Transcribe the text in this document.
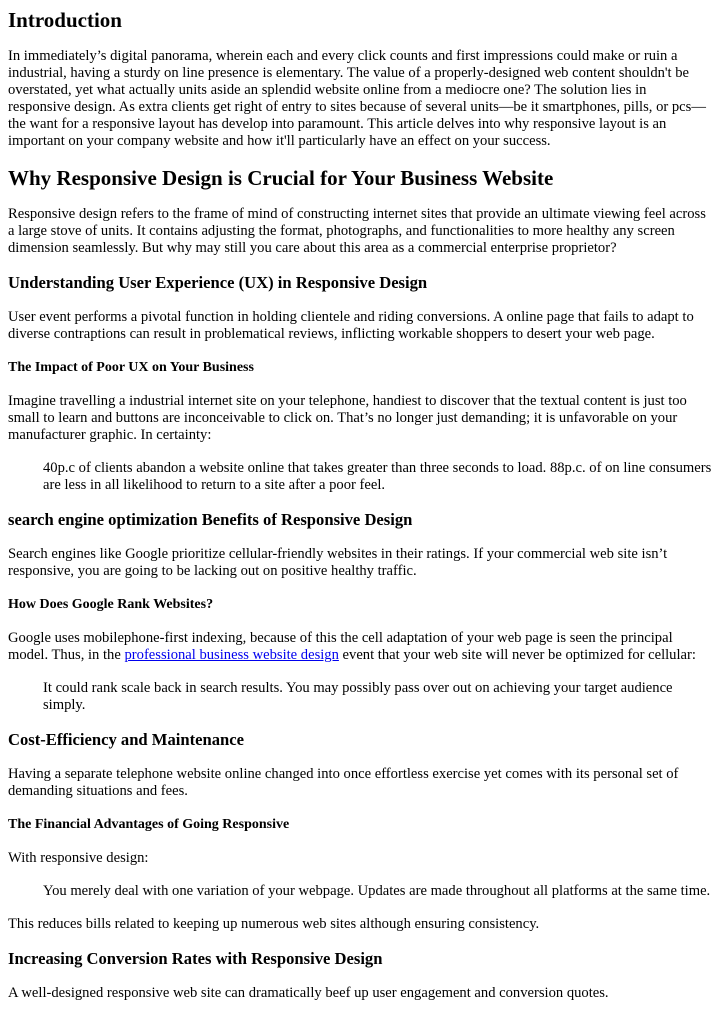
Introduction

In immediately’s digital panorama, wherein each and every click counts and first impressions could make or ruin a industrial, having a sturdy on line presence is elementary. The value of a properly-designed web content shouldn't be overstated, yet what actually units aside an splendid website online from a mediocre one? The solution lies in responsive design. As extra clients get right of entry to sites because of several units—be it smartphones, pills, or pcs—the want for a responsive layout has develop into paramount. This article delves into why responsive layout is an important on your company website and how it'll particularly have an effect on your success.

Why Responsive Design is Crucial for Your Business Website

Responsive design refers to the frame of mind of constructing internet sites that provide an ultimate viewing feel across a large stove of units. It contains adjusting the format, photographs, and functionalities to more healthy any screen dimension seamlessly. But why may still you care about this area as a commercial enterprise proprietor?

Understanding User Experience (UX) in Responsive Design

User event performs a pivotal function in holding clientele and riding conversions. A online page that fails to adapt to diverse contraptions can result in problematical reviews, inflicting workable shoppers to desert your web page.

The Impact of Poor UX on Your Business

Imagine travelling a industrial internet site on your telephone, handiest to discover that the textual content is just too small to learn and buttons are inconceivable to click on. That’s no longer just demanding; it is unfavorable on your manufacturer graphic. In certainty:

40p.c of clients abandon a website online that takes greater than three seconds to load. 88p.c. of on line consumers are less in all likelihood to return to a site after a poor feel.
search engine optimization Benefits of Responsive Design

Search engines like Google prioritize cellular-friendly websites in their ratings. If your commercial web site isn’t responsive, you are going to be lacking out on positive healthy traffic.

How Does Google Rank Websites?

Google uses mobilephone-first indexing, because of this the cell adaptation of your web page is seen the principal model. Thus, in the professional business website design event that your web site will never be optimized for cellular:

It could rank scale back in search results. You may possibly pass over out on achieving your target audience simply.
Cost-Efficiency and Maintenance

Having a separate telephone website online changed into once effortless exercise yet comes with its personal set of demanding situations and fees.

The Financial Advantages of Going Responsive

With responsive design:

You merely deal with one variation of your webpage. Updates are made throughout all platforms at the same time.

This reduces bills related to keeping up numerous web sites although ensuring consistency.

Increasing Conversion Rates with Responsive Design

A well-designed responsive web site can dramatically beef up user engagement and conversion quotes.
